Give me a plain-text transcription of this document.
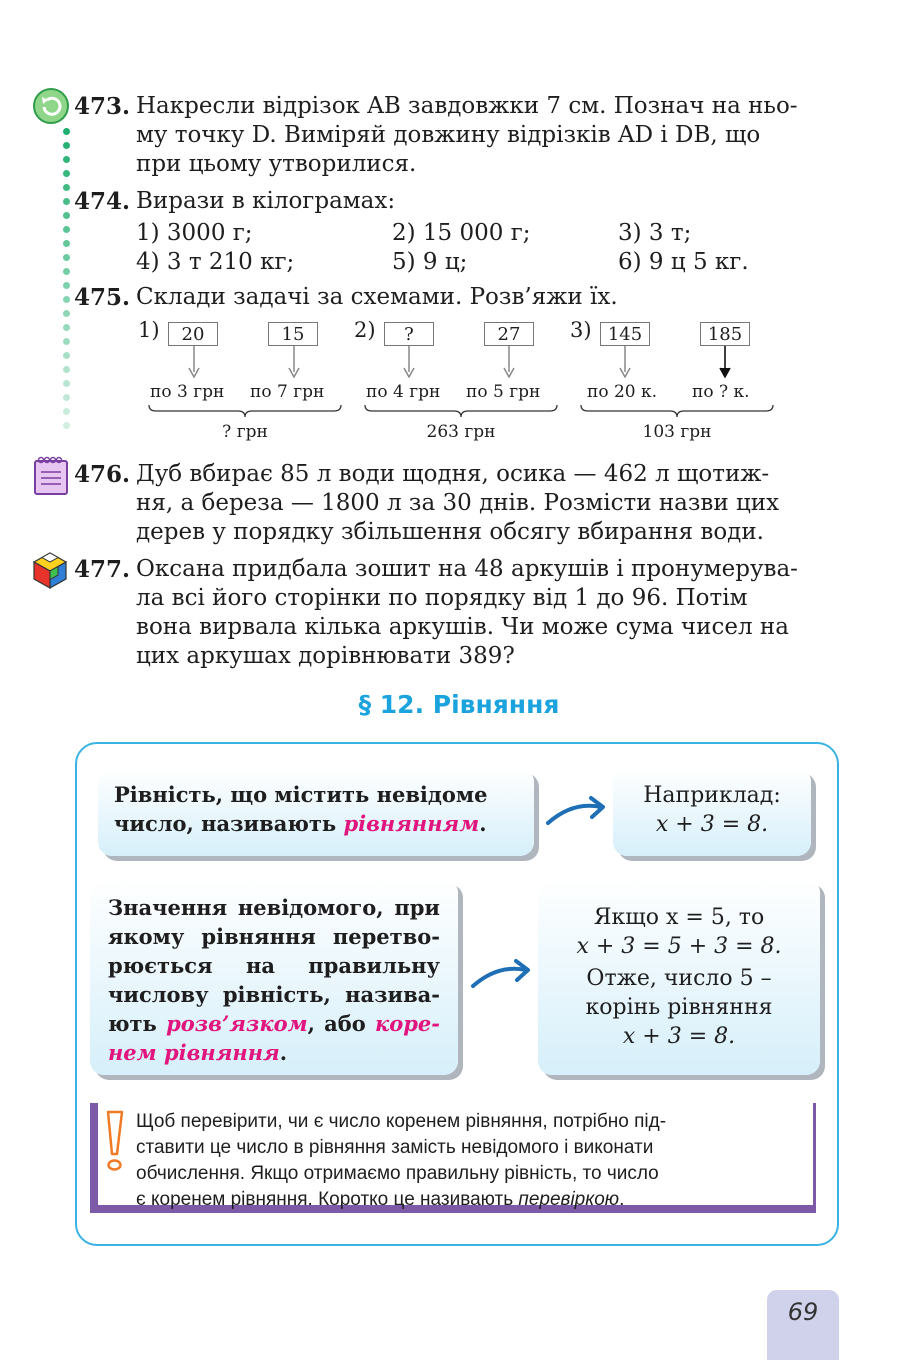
473. Накресли відрізок AB завдовжки 7 см. Познач на ньо-
му точку D. Виміряй довжину відрізків AD і DB, що
при цьому утворилися.
474. Вирази в кілограмах:
1) 3000 г;	2) 15 000 г;	3) 3 т;
4) 3 т 210 кг;	5) 9 ц;	6) 9 ц 5 кг.
475. Склади задачі за схемами. Розв’яжи їх.
1)	20	15
по 3 грн по 7 грн
? грн
2)	?	27
по 4 грн по 5 грн
263 грн
3) 145	185
по 20 к. по ? к.
103 грн
476. Дуб вбирає 85 л води щодня, осика — 462 л щотиж-
ня, а береза — 1800 л за 30 днів. Розмісти назви цих
дерев у порядку збільшення обсягу вбирання води.
477. Оксана придбала зошит на 48 аркушів і пронумерува-
ла всі його сторінки по порядку від 1 до 96. Потім
вона вирвала кілька аркушів. Чи може сума чисел на
цих аркушах дорівнювати 389?
§ 12. Рівняння
Рівність, що містить невідоме
число, називають рівнянням.
Наприклад:
x + 3 = 8.
Значення невідомого, при
якому рівняння перетво-
рюється на правильну
числову рівність, назива-
ють розв’язком, або коре-
нем рівняння.
Якщо x = 5, то
x + 3 = 5 + 3 = 8.
Отже, число 5 –
корінь рівняння
x + 3 = 8.
Щоб перевірити, чи є число коренем рівняння, потрібно під-
ставити це число в рівняння замість невідомого і виконати
обчислення. Якщо отримаємо правильну рівність, то число
є коренем рівняння. Коротко це називають перевіркою.
69
